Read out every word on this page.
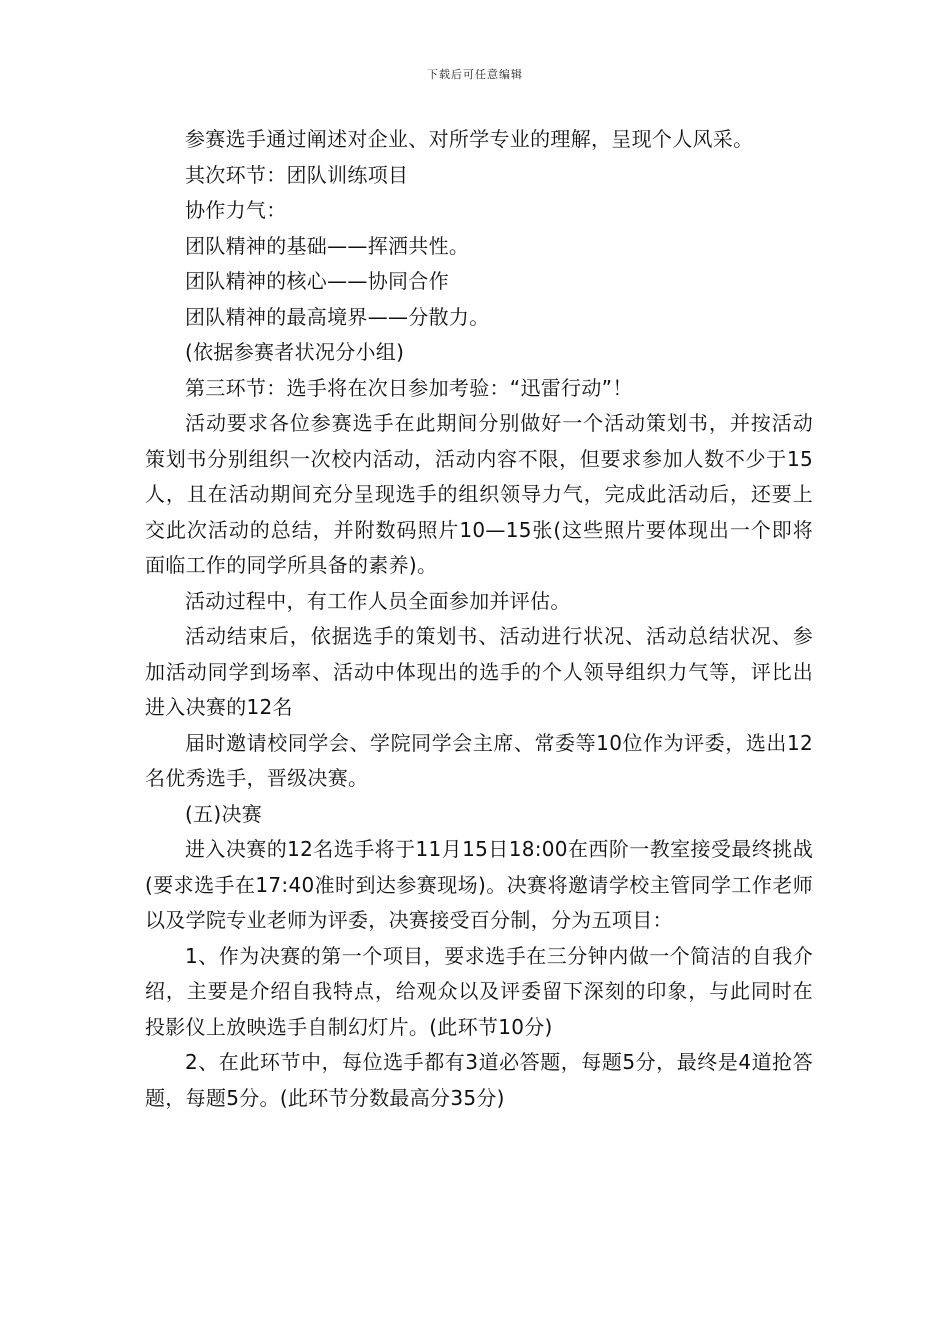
下载后可任意编辑

参赛选手通过阐述对企业、对所学专业的理解，呈现个人风采。

其次环节：团队训练项目

协作力气：

团队精神的基础——挥洒共性。

团队精神的核心——协同合作

团队精神的最高境界——分散力。

(依据参赛者状况分小组)

第三环节：选手将在次日参加考验：“迅雷行动”！

活动要求各位参赛选手在此期间分别做好一个活动策划书，并按活动策划书分别组织一次校内活动，活动内容不限，但要求参加人数不少于15人，且在活动期间充分呈现选手的组织领导力气，完成此活动后，还要上交此次活动的总结，并附数码照片10—15张(这些照片要体现出一个即将面临工作的同学所具备的素养)。

活动过程中，有工作人员全面参加并评估。

活动结束后，依据选手的策划书、活动进行状况、活动总结状况、参加活动同学到场率、活动中体现出的选手的个人领导组织力气等，评比出进入决赛的12名

届时邀请校同学会、学院同学会主席、常委等10位作为评委，选出12名优秀选手，晋级决赛。

(五)决赛

进入决赛的12名选手将于11月15日18:00在西阶一教室接受最终挑战(要求选手在17:40准时到达参赛现场)。决赛将邀请学校主管同学工作老师以及学院专业老师为评委，决赛接受百分制，分为五项目：

1、作为决赛的第一个项目，要求选手在三分钟内做一个简洁的自我介绍，主要是介绍自我特点，给观众以及评委留下深刻的印象，与此同时在投影仪上放映选手自制幻灯片。(此环节10分)

2、在此环节中，每位选手都有3道必答题，每题5分，最终是4道抢答题，每题5分。(此环节分数最高分35分)
